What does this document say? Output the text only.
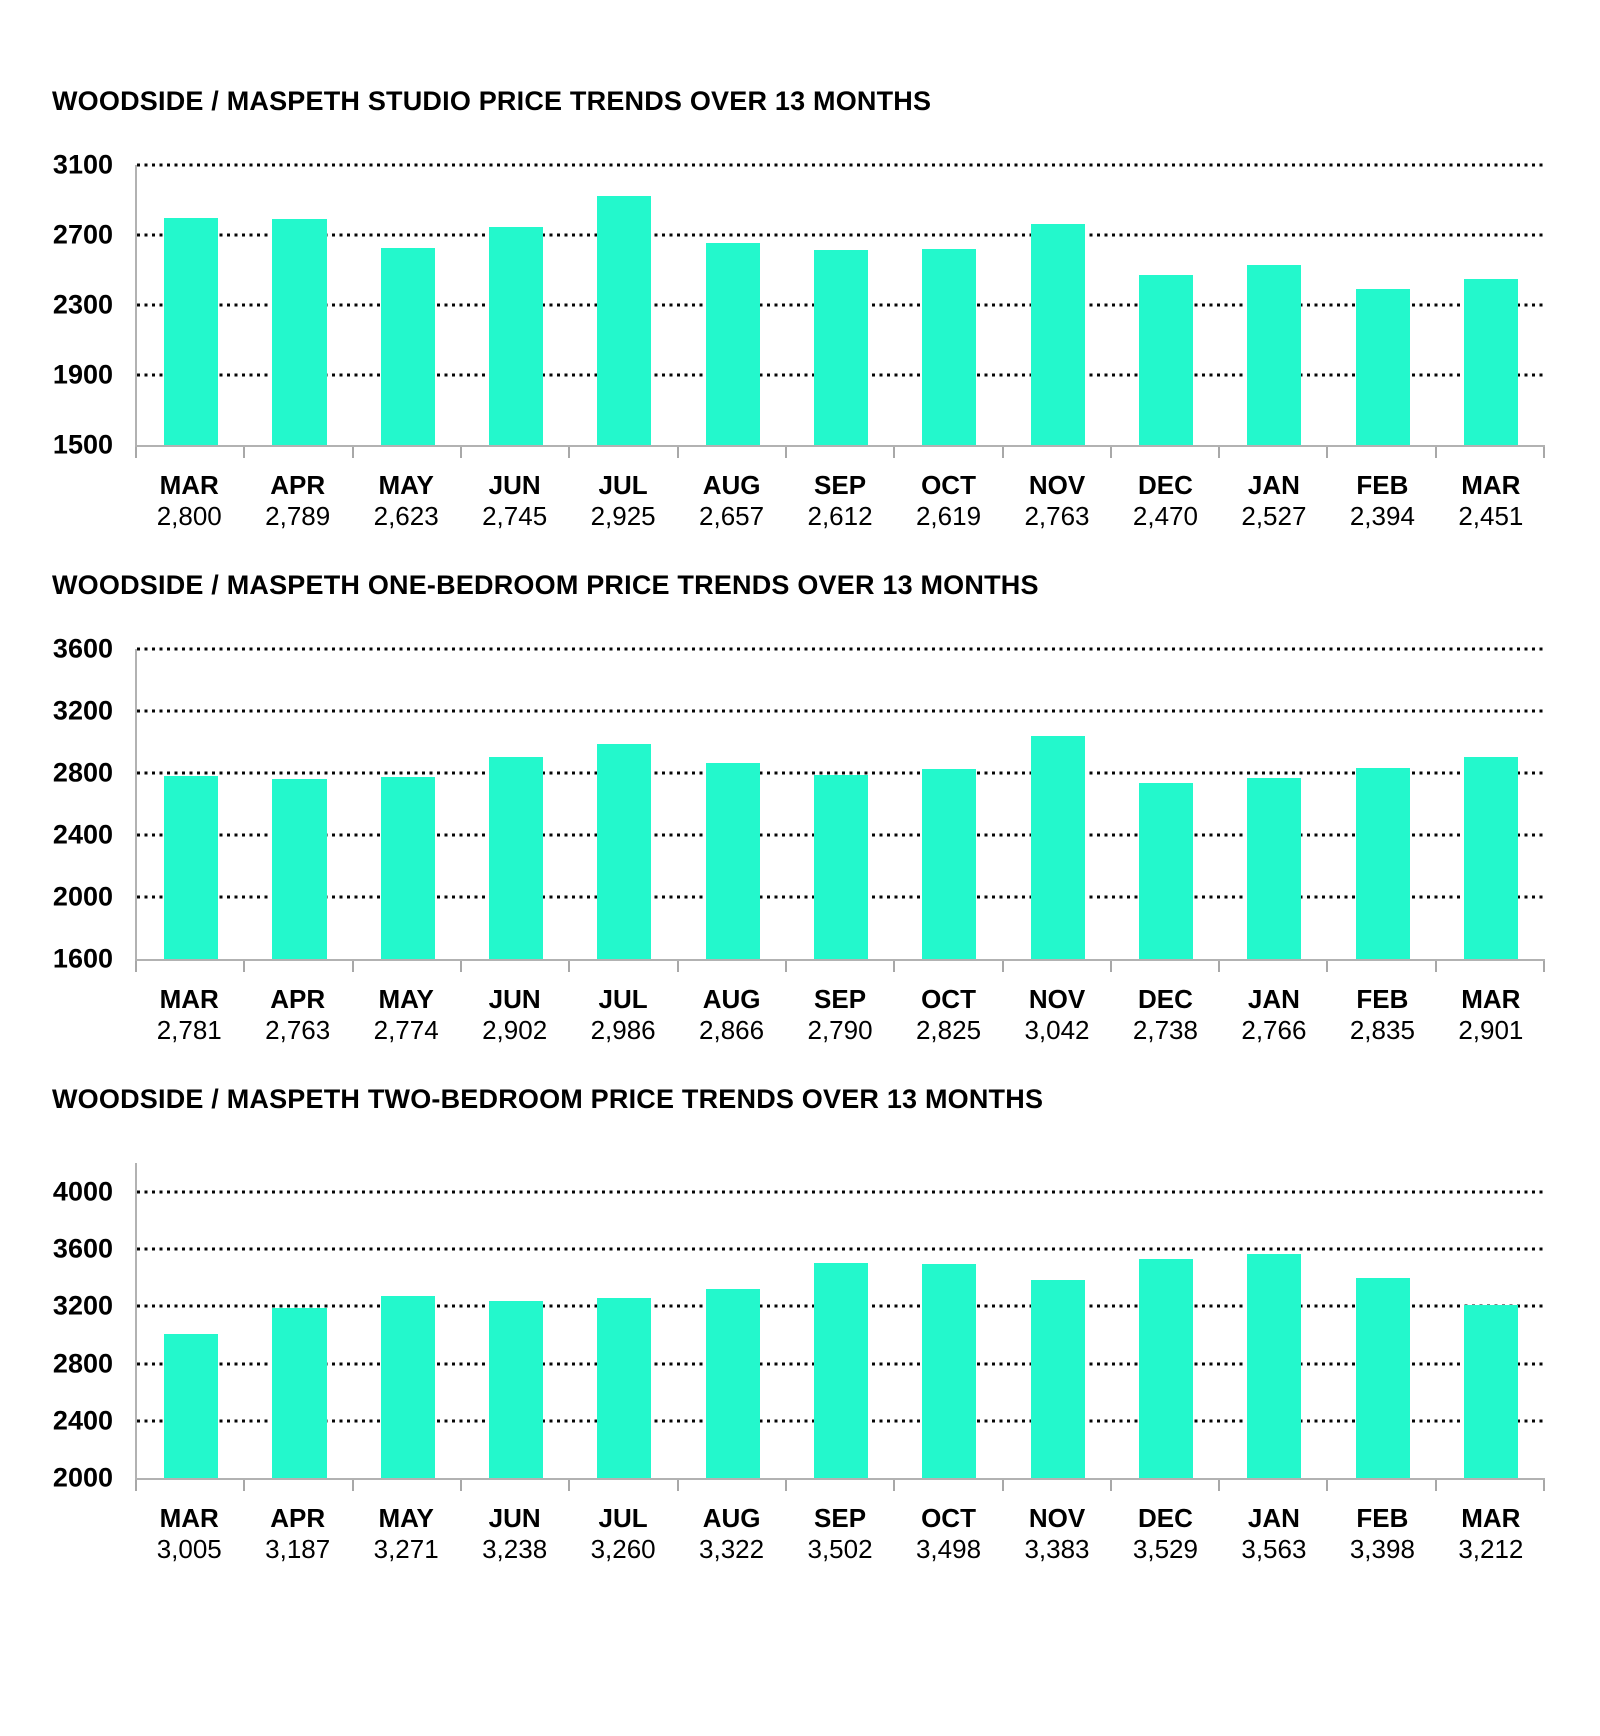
WOODSIDE / MASPETH STUDIO PRICE TRENDS OVER 13 MONTHS
1500
1900
2300
2700
3100
MAR
2,800
APR
2,789
MAY
2,623
JUN
2,745
JUL
2,925
AUG
2,657
SEP
2,612
OCT
2,619
NOV
2,763
DEC
2,470
JAN
2,527
FEB
2,394
MAR
2,451
WOODSIDE / MASPETH ONE-BEDROOM PRICE TRENDS OVER 13 MONTHS
1600
2000
2400
2800
3200
3600
MAR
2,781
APR
2,763
MAY
2,774
JUN
2,902
JUL
2,986
AUG
2,866
SEP
2,790
OCT
2,825
NOV
3,042
DEC
2,738
JAN
2,766
FEB
2,835
MAR
2,901
WOODSIDE / MASPETH TWO-BEDROOM PRICE TRENDS OVER 13 MONTHS
2000
2400
2800
3200
3600
4000
MAR
3,005
APR
3,187
MAY
3,271
JUN
3,238
JUL
3,260
AUG
3,322
SEP
3,502
OCT
3,498
NOV
3,383
DEC
3,529
JAN
3,563
FEB
3,398
MAR
3,212
